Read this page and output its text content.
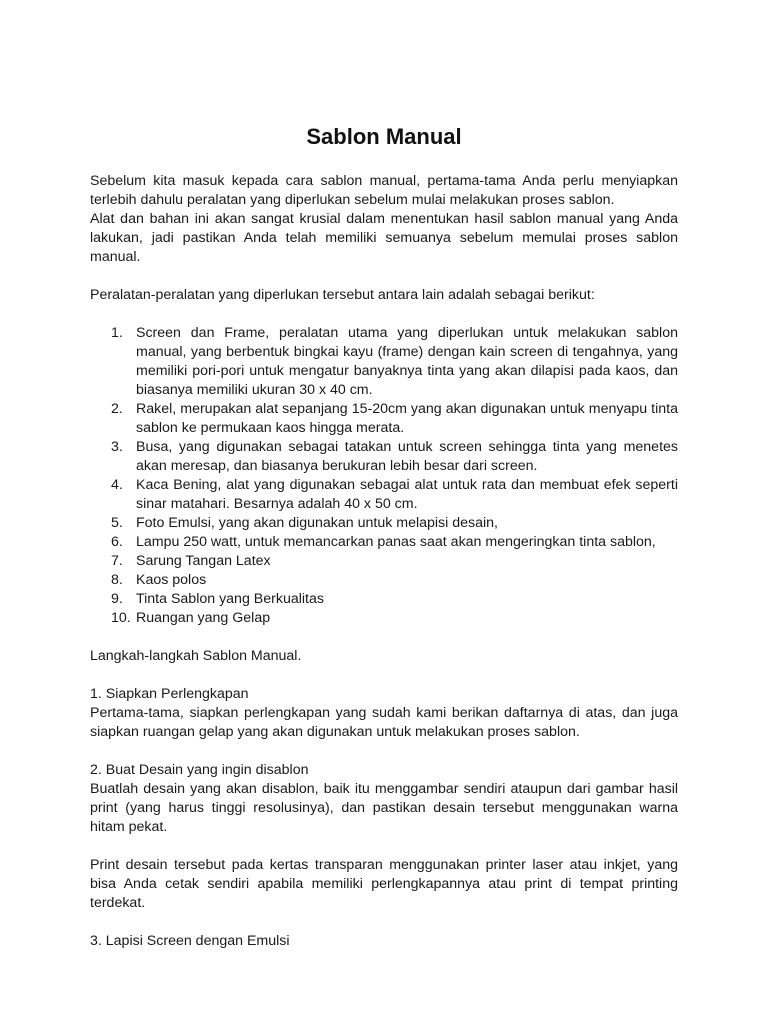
Sablon Manual

Sebelum kita masuk kepada cara sablon manual, pertama-tama Anda perlu menyiapkan terlebih dahulu peralatan yang diperlukan sebelum mulai melakukan proses sablon.

Alat dan bahan ini akan sangat krusial dalam menentukan hasil sablon manual yang Anda lakukan, jadi pastikan Anda telah memiliki semuanya sebelum memulai proses sablon manual.

Peralatan-peralatan yang diperlukan tersebut antara lain adalah sebagai berikut:

1. Screen dan Frame, peralatan utama yang diperlukan untuk melakukan sablon manual, yang berbentuk bingkai kayu (frame) dengan kain screen di tengahnya, yang memiliki pori-pori untuk mengatur banyaknya tinta yang akan dilapisi pada kaos, dan biasanya memiliki ukuran 30 x 40 cm.
2. Rakel, merupakan alat sepanjang 15-20cm yang akan digunakan untuk menyapu tinta sablon ke permukaan kaos hingga merata.
3. Busa, yang digunakan sebagai tatakan untuk screen sehingga tinta yang menetes akan meresap, dan biasanya berukuran lebih besar dari screen.
4. Kaca Bening, alat yang digunakan sebagai alat untuk rata dan membuat efek seperti sinar matahari. Besarnya adalah 40 x 50 cm.
5. Foto Emulsi, yang akan digunakan untuk melapisi desain,
6. Lampu 250 watt, untuk memancarkan panas saat akan mengeringkan tinta sablon,
7. Sarung Tangan Latex
8. Kaos polos
9. Tinta Sablon yang Berkualitas
10. Ruangan yang Gelap

Langkah-langkah Sablon Manual.

1. Siapkan Perlengkapan

Pertama-tama, siapkan perlengkapan yang sudah kami berikan daftarnya di atas, dan juga siapkan ruangan gelap yang akan digunakan untuk melakukan proses sablon.

2. Buat Desain yang ingin disablon

Buatlah desain yang akan disablon, baik itu menggambar sendiri ataupun dari gambar hasil print (yang harus tinggi resolusinya), dan pastikan desain tersebut menggunakan warna hitam pekat.

Print desain tersebut pada kertas transparan menggunakan printer laser atau inkjet, yang bisa Anda cetak sendiri apabila memiliki perlengkapannya atau print di tempat printing terdekat.

3. Lapisi Screen dengan Emulsi
